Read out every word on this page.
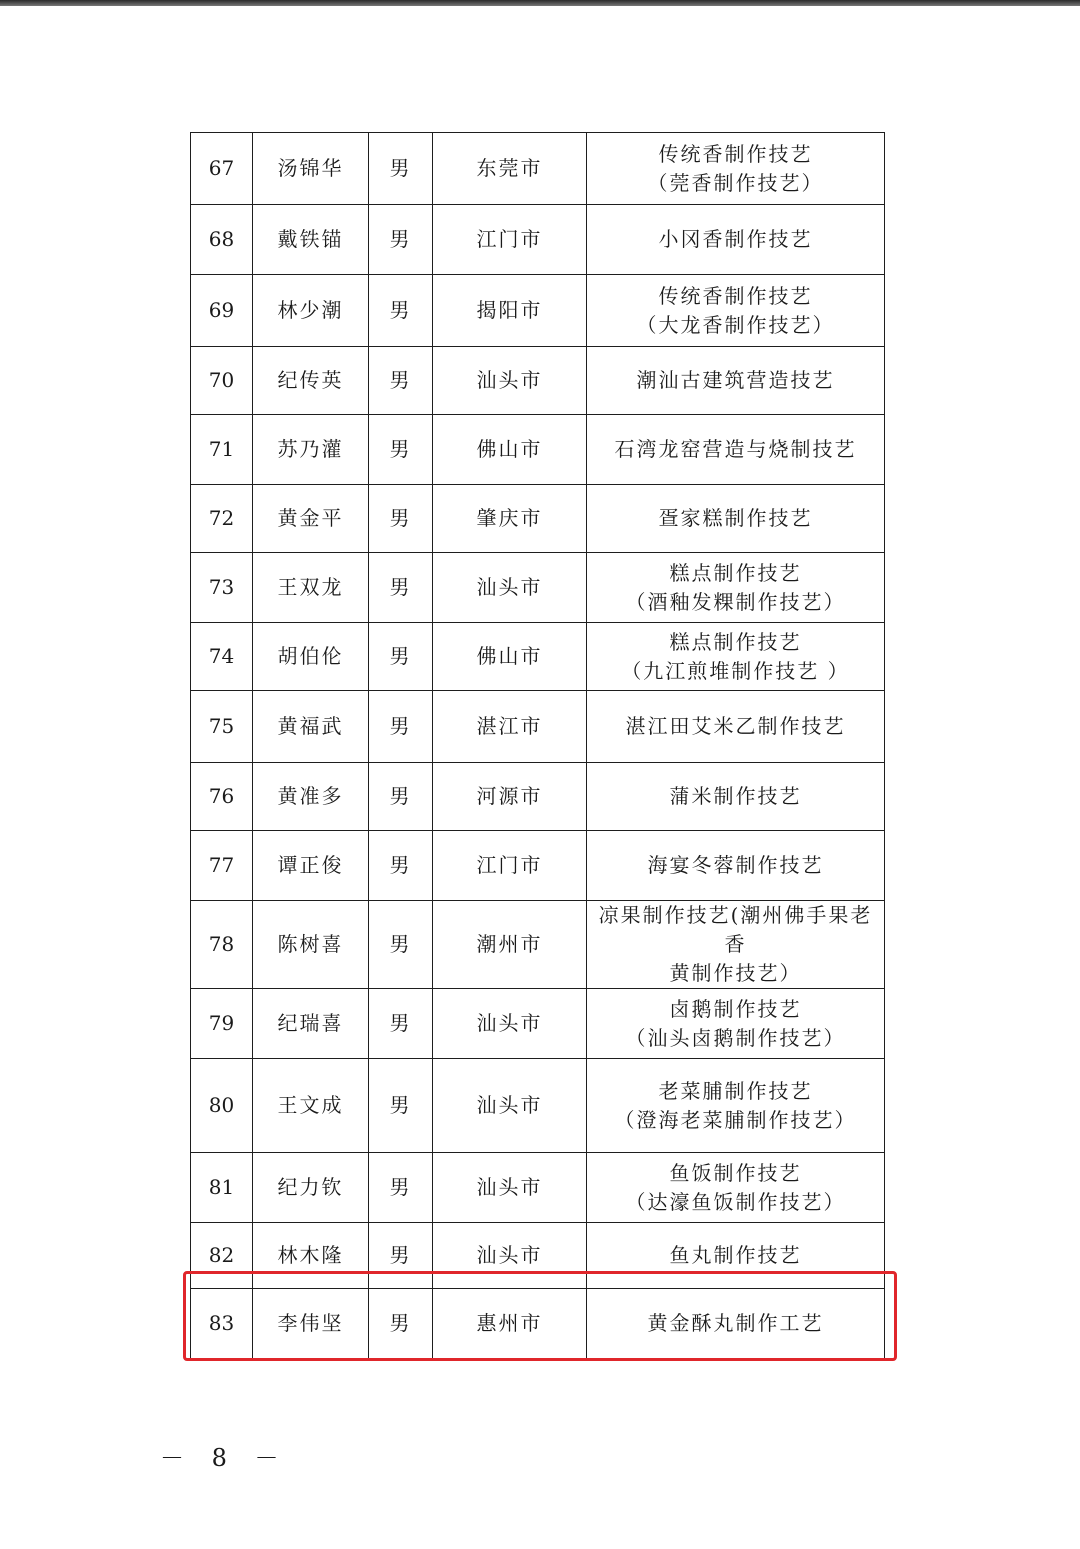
67	汤锦华	男	东莞市	传统香制作技艺
（莞香制作技艺）

68	戴铁锚	男	江门市	小冈香制作技艺

69	林少潮	男	揭阳市	传统香制作技艺
（大龙香制作技艺）

70	纪传英	男	汕头市	潮汕古建筑营造技艺

71	苏乃灌	男	佛山市	石湾龙窑营造与烧制技艺

72	黄金平	男	肇庆市	疍家糕制作技艺

73	王双龙	男	汕头市	糕点制作技艺
（酒釉发粿制作技艺）

74	胡伯伦	男	佛山市	糕点制作技艺
（九江煎堆制作技艺 ）

75	黄福武	男	湛江市	湛江田艾米乙制作技艺

76	黄准多	男	河源市	蒲米制作技艺

77	谭正俊	男	江门市	海宴冬蓉制作技艺

78	陈树喜	男	潮州市	凉果制作技艺(潮州佛手果老香
黄制作技艺）

79	纪瑞喜	男	汕头市	卤鹅制作技艺
（汕头卤鹅制作技艺）

80	王文成	男	汕头市	老菜脯制作技艺
（澄海老菜脯制作技艺）

81	纪力钦	男	汕头市	鱼饭制作技艺
（达濠鱼饭制作技艺）

82	林木隆	男	汕头市	鱼丸制作技艺

83	李伟坚	男	惠州市	黄金酥丸制作工艺
－ 8 －
